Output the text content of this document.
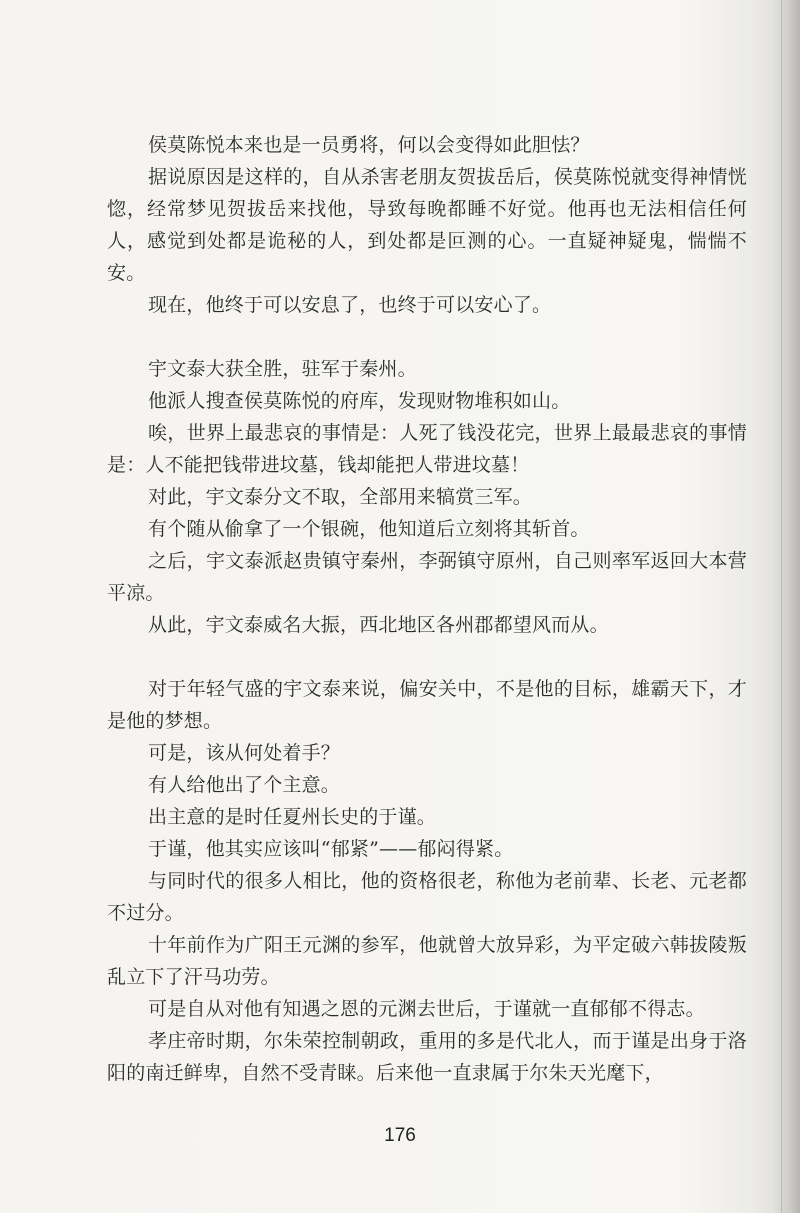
侯莫陈悦本来也是一员勇将，何以会变得如此胆怯？

据说原因是这样的，自从杀害老朋友贺拔岳后，侯莫陈悦就变得神情恍惚，经常梦见贺拔岳来找他，导致每晚都睡不好觉。他再也无法相信任何人，感觉到处都是诡秘的人，到处都是叵测的心。一直疑神疑鬼，惴惴不安。

现在，他终于可以安息了，也终于可以安心了。

宇文泰大获全胜，驻军于秦州。

他派人搜查侯莫陈悦的府库，发现财物堆积如山。

唉，世界上最悲哀的事情是：人死了钱没花完，世界上最最悲哀的事情是：人不能把钱带进坟墓，钱却能把人带进坟墓！

对此，宇文泰分文不取，全部用来犒赏三军。

有个随从偷拿了一个银碗，他知道后立刻将其斩首。

之后，宇文泰派赵贵镇守秦州，李弼镇守原州，自己则率军返回大本营平凉。

从此，宇文泰威名大振，西北地区各州郡都望风而从。

对于年轻气盛的宇文泰来说，偏安关中，不是他的目标，雄霸天下，才是他的梦想。

可是，该从何处着手？

有人给他出了个主意。

出主意的是时任夏州长史的于谨。

于谨，他其实应该叫“郁紧”——郁闷得紧。

与同时代的很多人相比，他的资格很老，称他为老前辈、长老、元老都不过分。

十年前作为广阳王元渊的参军，他就曾大放异彩，为平定破六韩拔陵叛乱立下了汗马功劳。

可是自从对他有知遇之恩的元渊去世后，于谨就一直郁郁不得志。

孝庄帝时期，尔朱荣控制朝政，重用的多是代北人，而于谨是出身于洛阳的南迁鲜卑，自然不受青睐。后来他一直隶属于尔朱天光麾下，

176
